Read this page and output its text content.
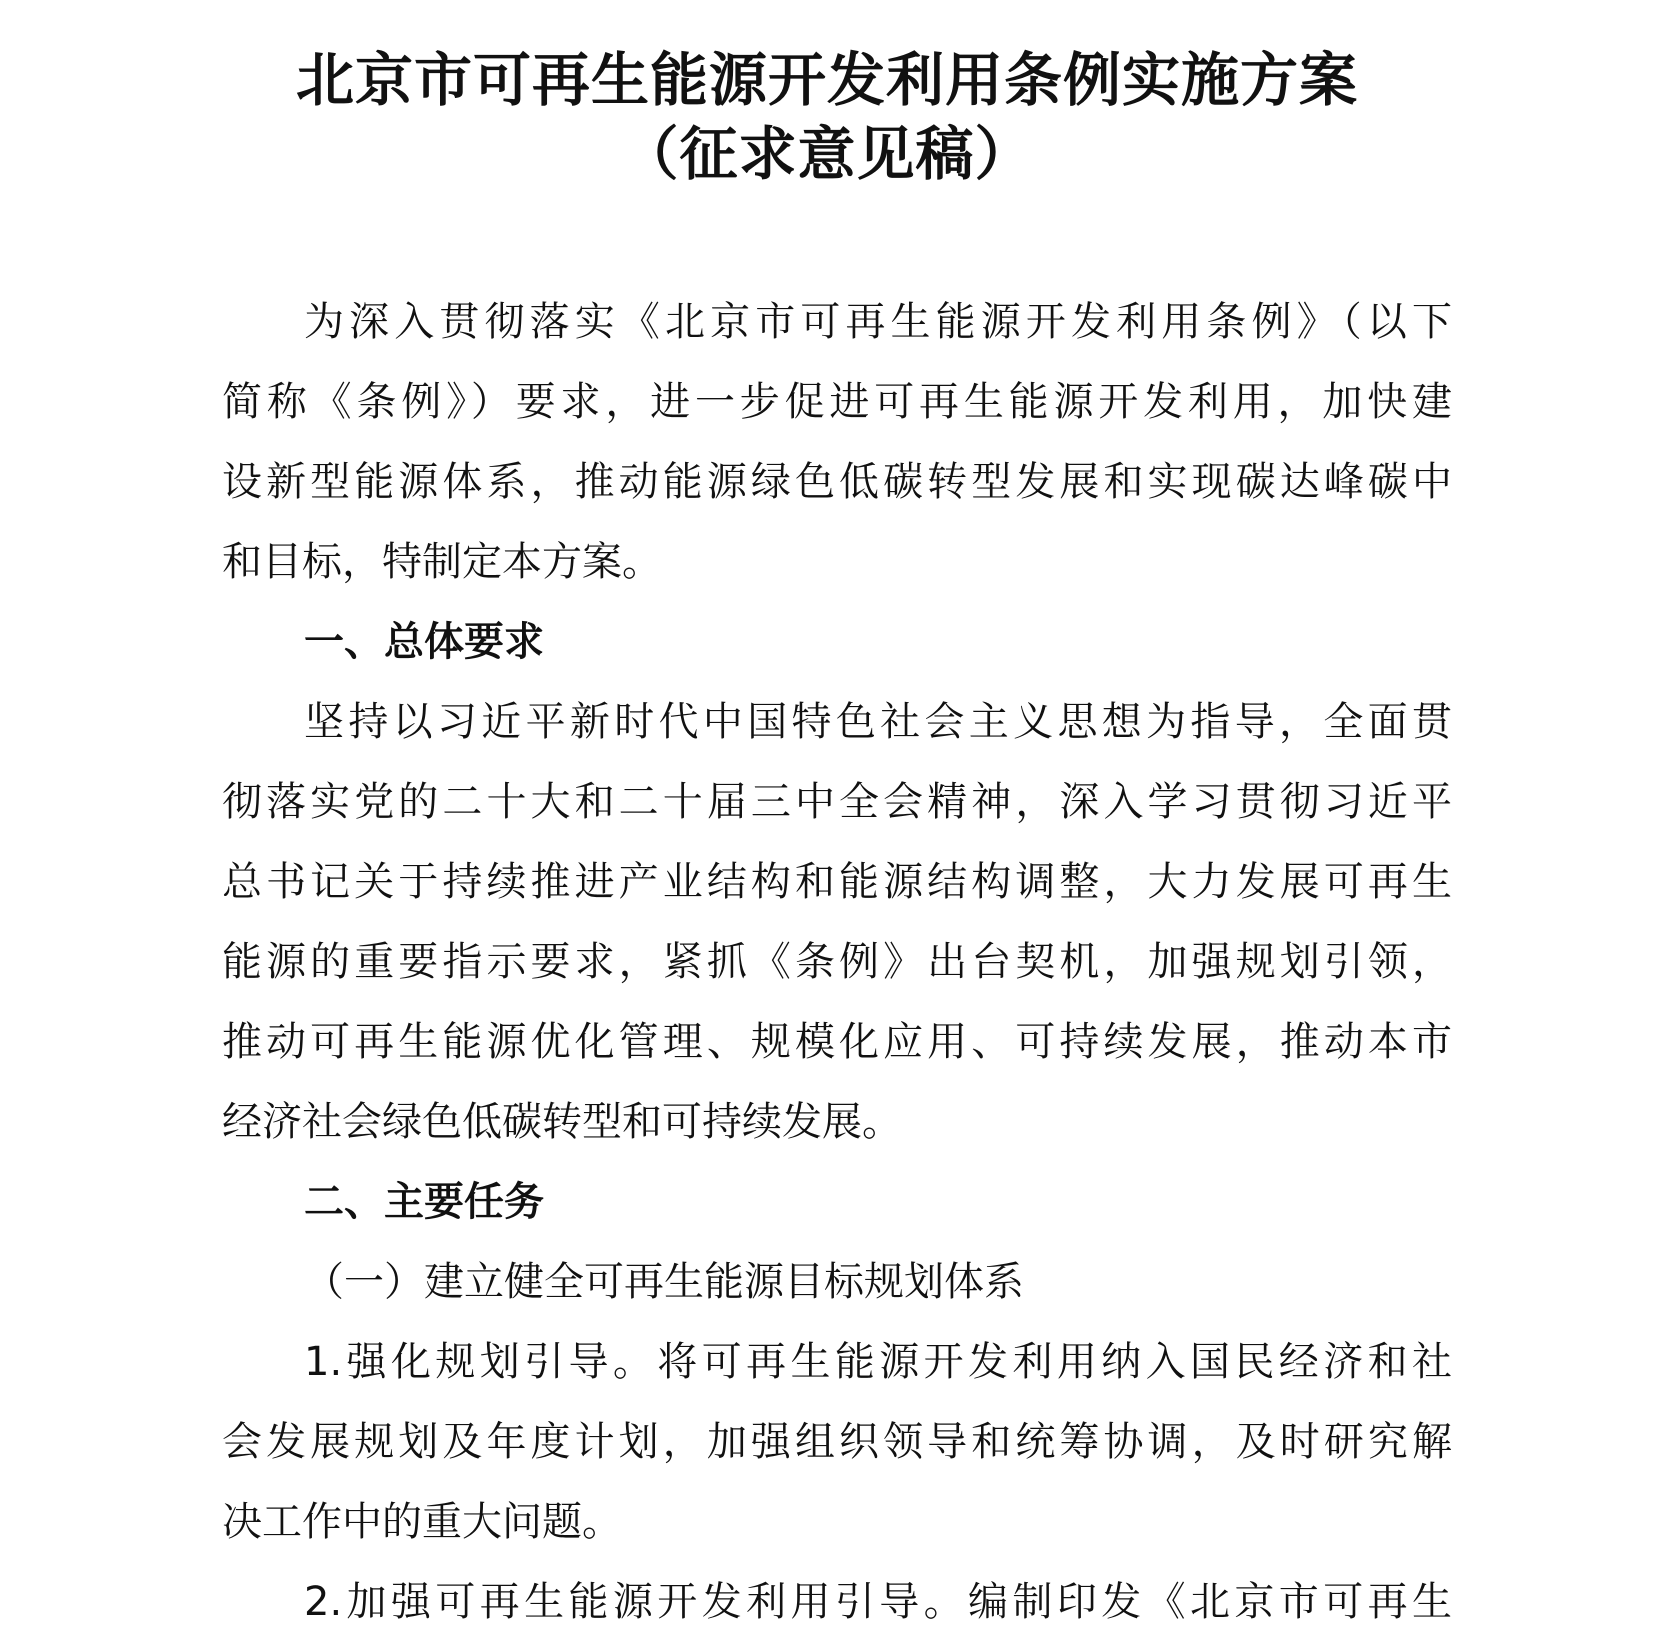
北京市可再生能源开发利用条例实施方案
（征求意见稿）
为深入贯彻落实《北京市可再生能源开发利用条例》（以下
简称《条例》）要求，进一步促进可再生能源开发利用，加快建
设新型能源体系，推动能源绿色低碳转型发展和实现碳达峰碳中
和目标，特制定本方案。
一、总体要求
坚持以习近平新时代中国特色社会主义思想为指导，全面贯
彻落实党的二十大和二十届三中全会精神，深入学习贯彻习近平
总书记关于持续推进产业结构和能源结构调整，大力发展可再生
能源的重要指示要求，紧抓《条例》出台契机，加强规划引领，
推动可再生能源优化管理、规模化应用、可持续发展，推动本市
经济社会绿色低碳转型和可持续发展。
二、主要任务
（一）建立健全可再生能源目标规划体系
1.强化规划引导。将可再生能源开发利用纳入国民经济和社
会发展规划及年度计划，加强组织领导和统筹协调，及时研究解
决工作中的重大问题。
2.加强可再生能源开发利用引导。编制印发《北京市可再生
